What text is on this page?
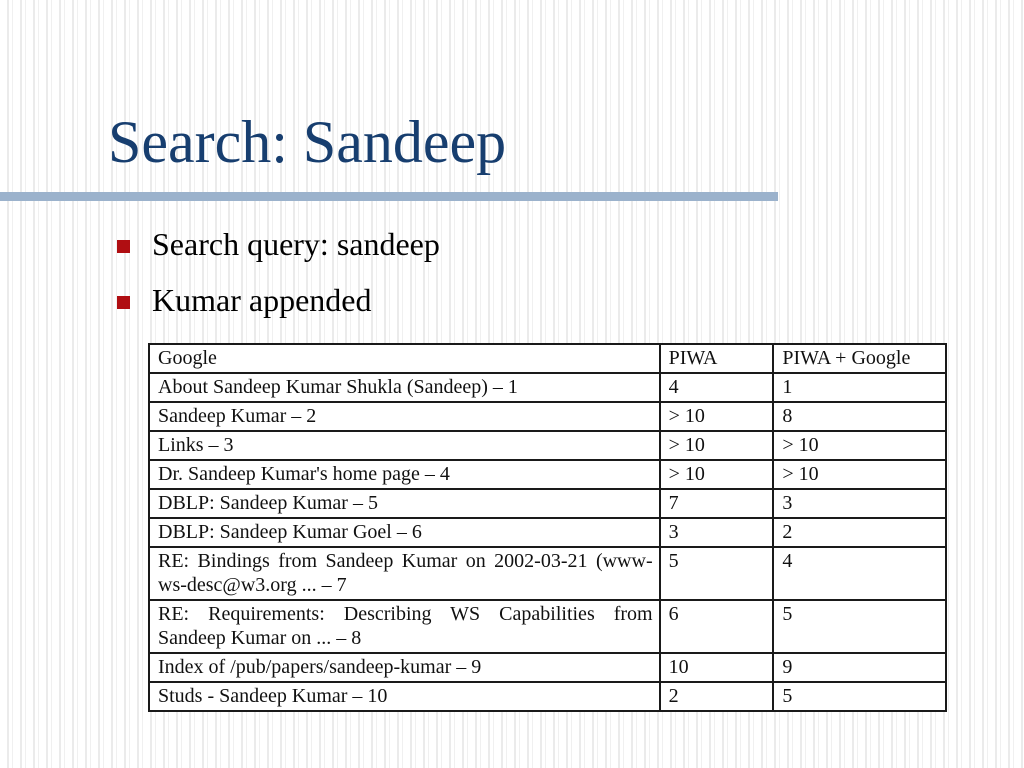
Search: Sandeep
Search query: sandeep
Kumar appended
Google	PIWA	PIWA + Google
About Sandeep Kumar Shukla (Sandeep) – 1	4	1
Sandeep Kumar – 2	> 10	8
Links – 3	> 10	> 10
Dr. Sandeep Kumar's home page – 4	> 10	> 10
DBLP: Sandeep Kumar – 5	7	3
DBLP: Sandeep Kumar Goel – 6	3	2
RE: Bindings from Sandeep Kumar on 2002-03-21 (www-ws-desc@w3.org ... – 7	5	4
RE: Requirements: Describing WS Capabilities from Sandeep Kumar on ... – 8	6	5
Index of /pub/papers/sandeep-kumar – 9	10	9
Studs - Sandeep Kumar – 10	2	5
